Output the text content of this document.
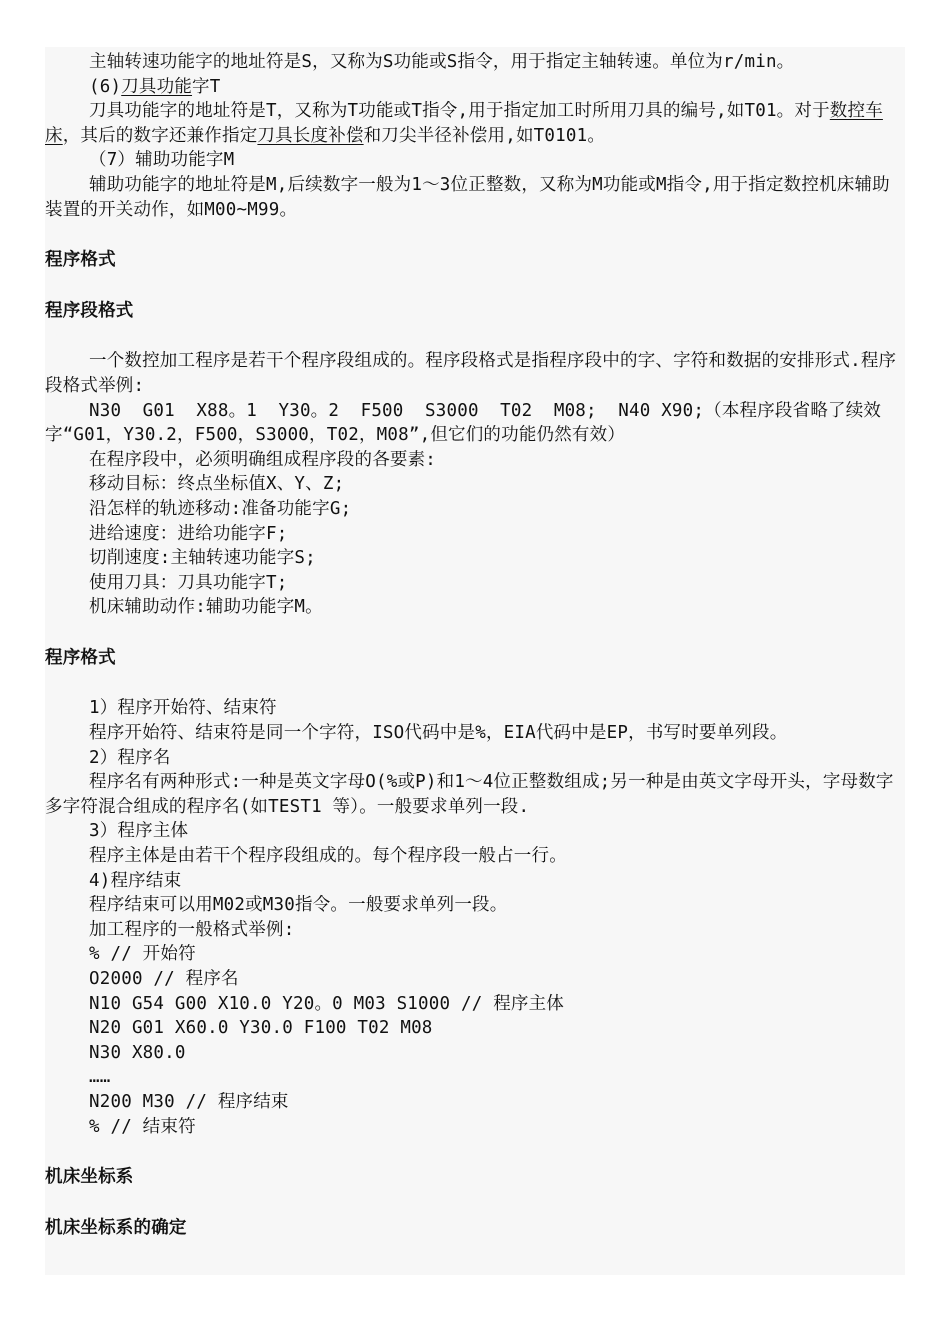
主轴转速功能字的地址符是S，又称为S功能或S指令，用于指定主轴转速。单位为r/min。

(6)刀具功能字T

刀具功能字的地址符是T，又称为T功能或T指令,用于指定加工时所用刀具的编号,如T01。对于数控车床，其后的数字还兼作指定刀具长度补偿和刀尖半径补偿用,如T0101。

（7）辅助功能字M

辅助功能字的地址符是M,后续数字一般为1～3位正整数，又称为M功能或M指令,用于指定数控机床辅助装置的开关动作，如M00~M99。

程序格式

程序段格式

一个数控加工程序是若干个程序段组成的。程序段格式是指程序段中的字、字符和数据的安排形式.程序段格式举例:

N30  G01  X88。1  Y30。2  F500  S3000  T02  M08;  N40 X90;（本程序段省略了续效字“G01，Y30.2，F500，S3000，T02，M08”,但它们的功能仍然有效）

在程序段中，必须明确组成程序段的各要素:

移动目标：终点坐标值X、Y、Z;

沿怎样的轨迹移动:准备功能字G;

进给速度：进给功能字F;

切削速度:主轴转速功能字S;

使用刀具：刀具功能字T;

机床辅助动作:辅助功能字M。

程序格式

1）程序开始符、结束符

程序开始符、结束符是同一个字符，ISO代码中是%，EIA代码中是EP，书写时要单列段。

2）程序名

程序名有两种形式:一种是英文字母O(%或P)和1～4位正整数组成;另一种是由英文字母开头，字母数字多字符混合组成的程序名(如TEST1 等）。一般要求单列一段.

3）程序主体

程序主体是由若干个程序段组成的。每个程序段一般占一行。

4)程序结束

程序结束可以用M02或M30指令。一般要求单列一段。

加工程序的一般格式举例:

% // 开始符

O2000 // 程序名

N10 G54 G00 X10.0 Y20。0 M03 S1000 // 程序主体

N20 G01 X60.0 Y30.0 F100 T02 M08

N30 X80.0

……

N200 M30 // 程序结束

% // 结束符

机床坐标系

机床坐标系的确定
